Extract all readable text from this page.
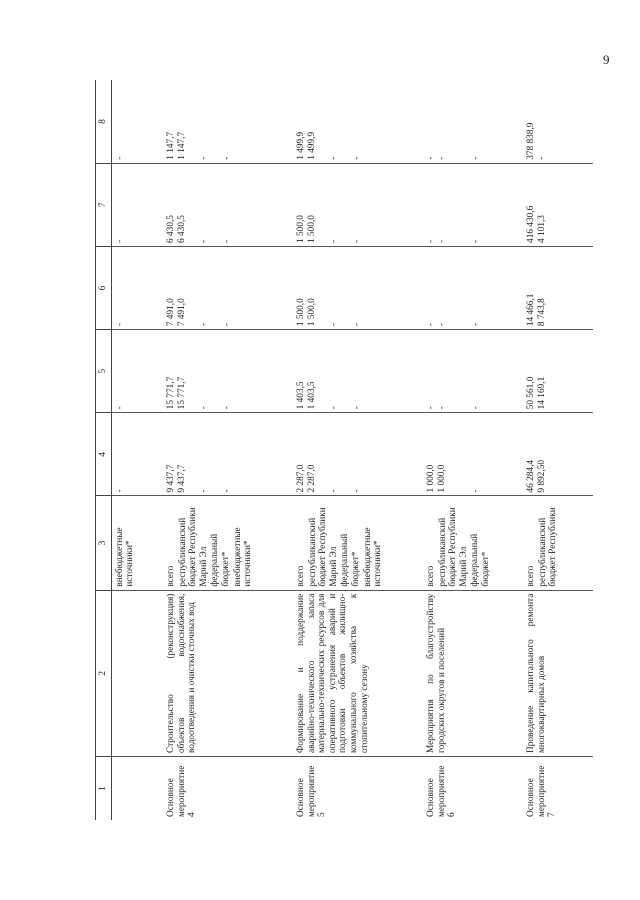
9
1	2	3	4	5	6	7	8
		внебюджетные источники*	-	-	-	-	-
Основное мероприятие 4	Строительство (реконструкция) объектов водоснабжения, водоотведения и очистки сточных вод	всего республиканский бюджет Республики Марий Эл федеральный бюджет* внебюджетные источники*	9 437,7 9 437,7 - -	15 771,7 15 771,7 - -	7 491,0 7 491,0 - -	6 430,5 6 430,5 - -	1 147,7 1 147,7 - -

Основное мероприятие 5	Формирование и поддержание аварийно-технического запаса материально-технических ресурсов для оперативного устранения аварий и подготовки объектов жилищно-коммунального хозяйства к отопительному сезону	всего республиканский бюджет Республики Марий Эл федеральный бюджет* внебюджетные источники*	2 287,0 2 287,0 - -	1 403,5 1 403,5 - -	1 500,0 1 500,0 - -	1 500,0 1 500,0 - -	1 499,9 1 499,9 - -

Основное мероприятие 6	Мероприятия по благоустройству городских округов и поселений	всего республиканский бюджет Республики Марий Эл федеральный бюджет*	1 000,0 1 000,0 -	- - -	- - -	- - -	- - -

Основное мероприятие 7	Проведение капитального ремонта многоквартирных домов	всего республиканский бюджет Республики	46 284,4 9 892,50	50 561,0 14 169,1	14 466,1 8 743,8	416 430,6 4 101,3	378 838,9 -
